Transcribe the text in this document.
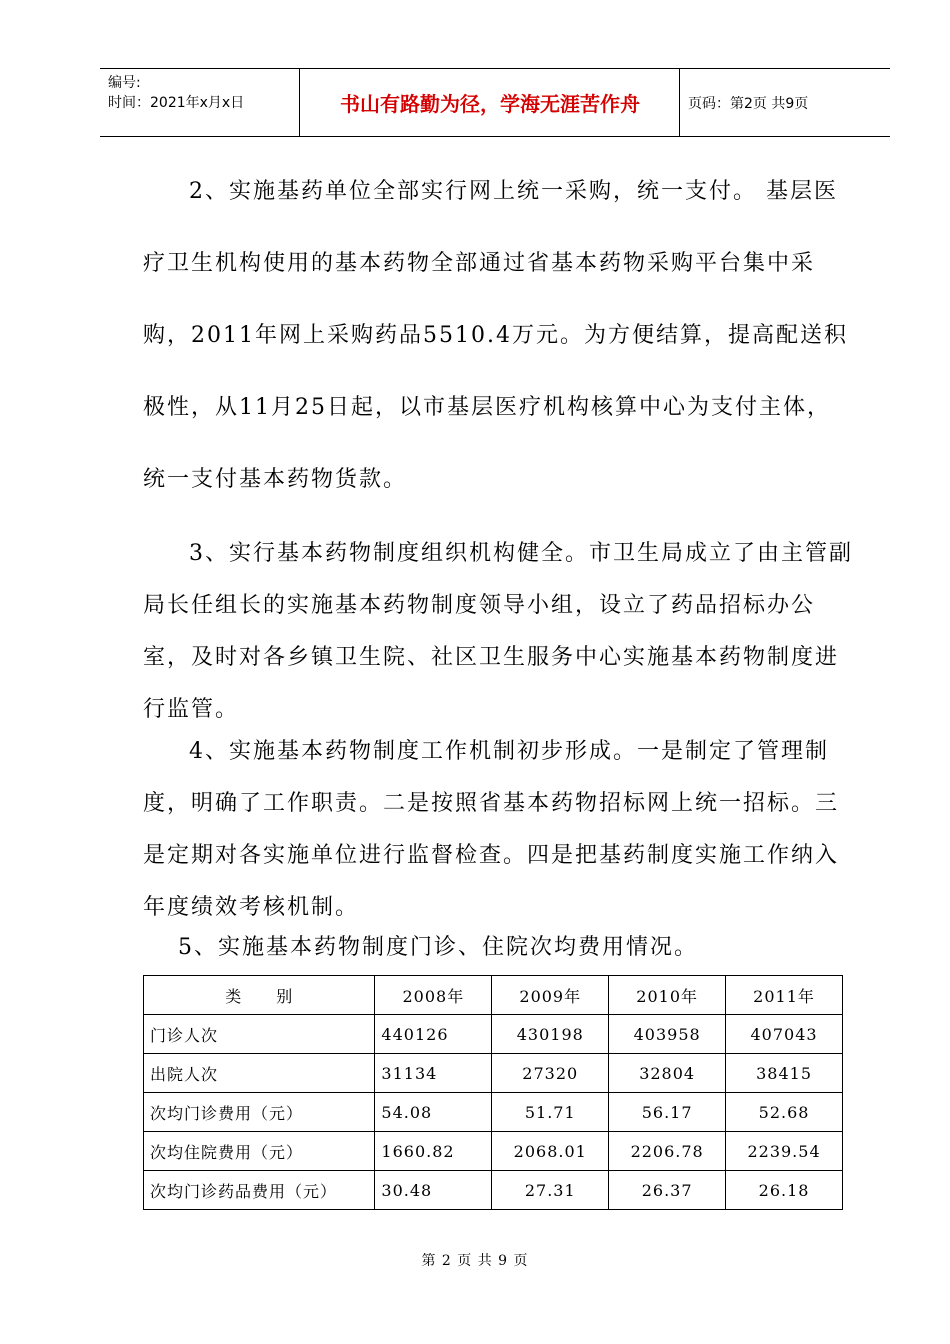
编号:
时间：2021年x月x日	书山有路勤为径，学海无涯苦作舟	页码：第2页 共9页

2、实施基药单位全部实行网上统一采购，统一支付。 基层医疗卫生机构使用的基本药物全部通过省基本药物采购平台集中采购，2011年网上采购药品5510.4万元。为方便结算，提高配送积极性，从11月25日起，以市基层医疗机构核算中心为支付主体，统一支付基本药物货款。

3、实行基本药物制度组织机构健全。市卫生局成立了由主管副局长任组长的实施基本药物制度领导小组，设立了药品招标办公室，及时对各乡镇卫生院、社区卫生服务中心实施基本药物制度进行监管。

4、实施基本药物制度工作机制初步形成。一是制定了管理制度，明确了工作职责。二是按照省基本药物招标网上统一招标。三是定期对各实施单位进行监督检查。四是把基药制度实施工作纳入年度绩效考核机制。

5、实施基本药物制度门诊、住院次均费用情况。

类　　别	2008年	2009年	2010年	2011年
门诊人次	440126	430198	403958	407043
出院人次	31134	27320	32804	38415
次均门诊费用（元）	54.08	51.71	56.17	52.68
次均住院费用（元）	1660.82	2068.01	2206.78	2239.54
次均门诊药品费用（元）	30.48	27.31	26.37	26.18
第 2 页 共 9 页
